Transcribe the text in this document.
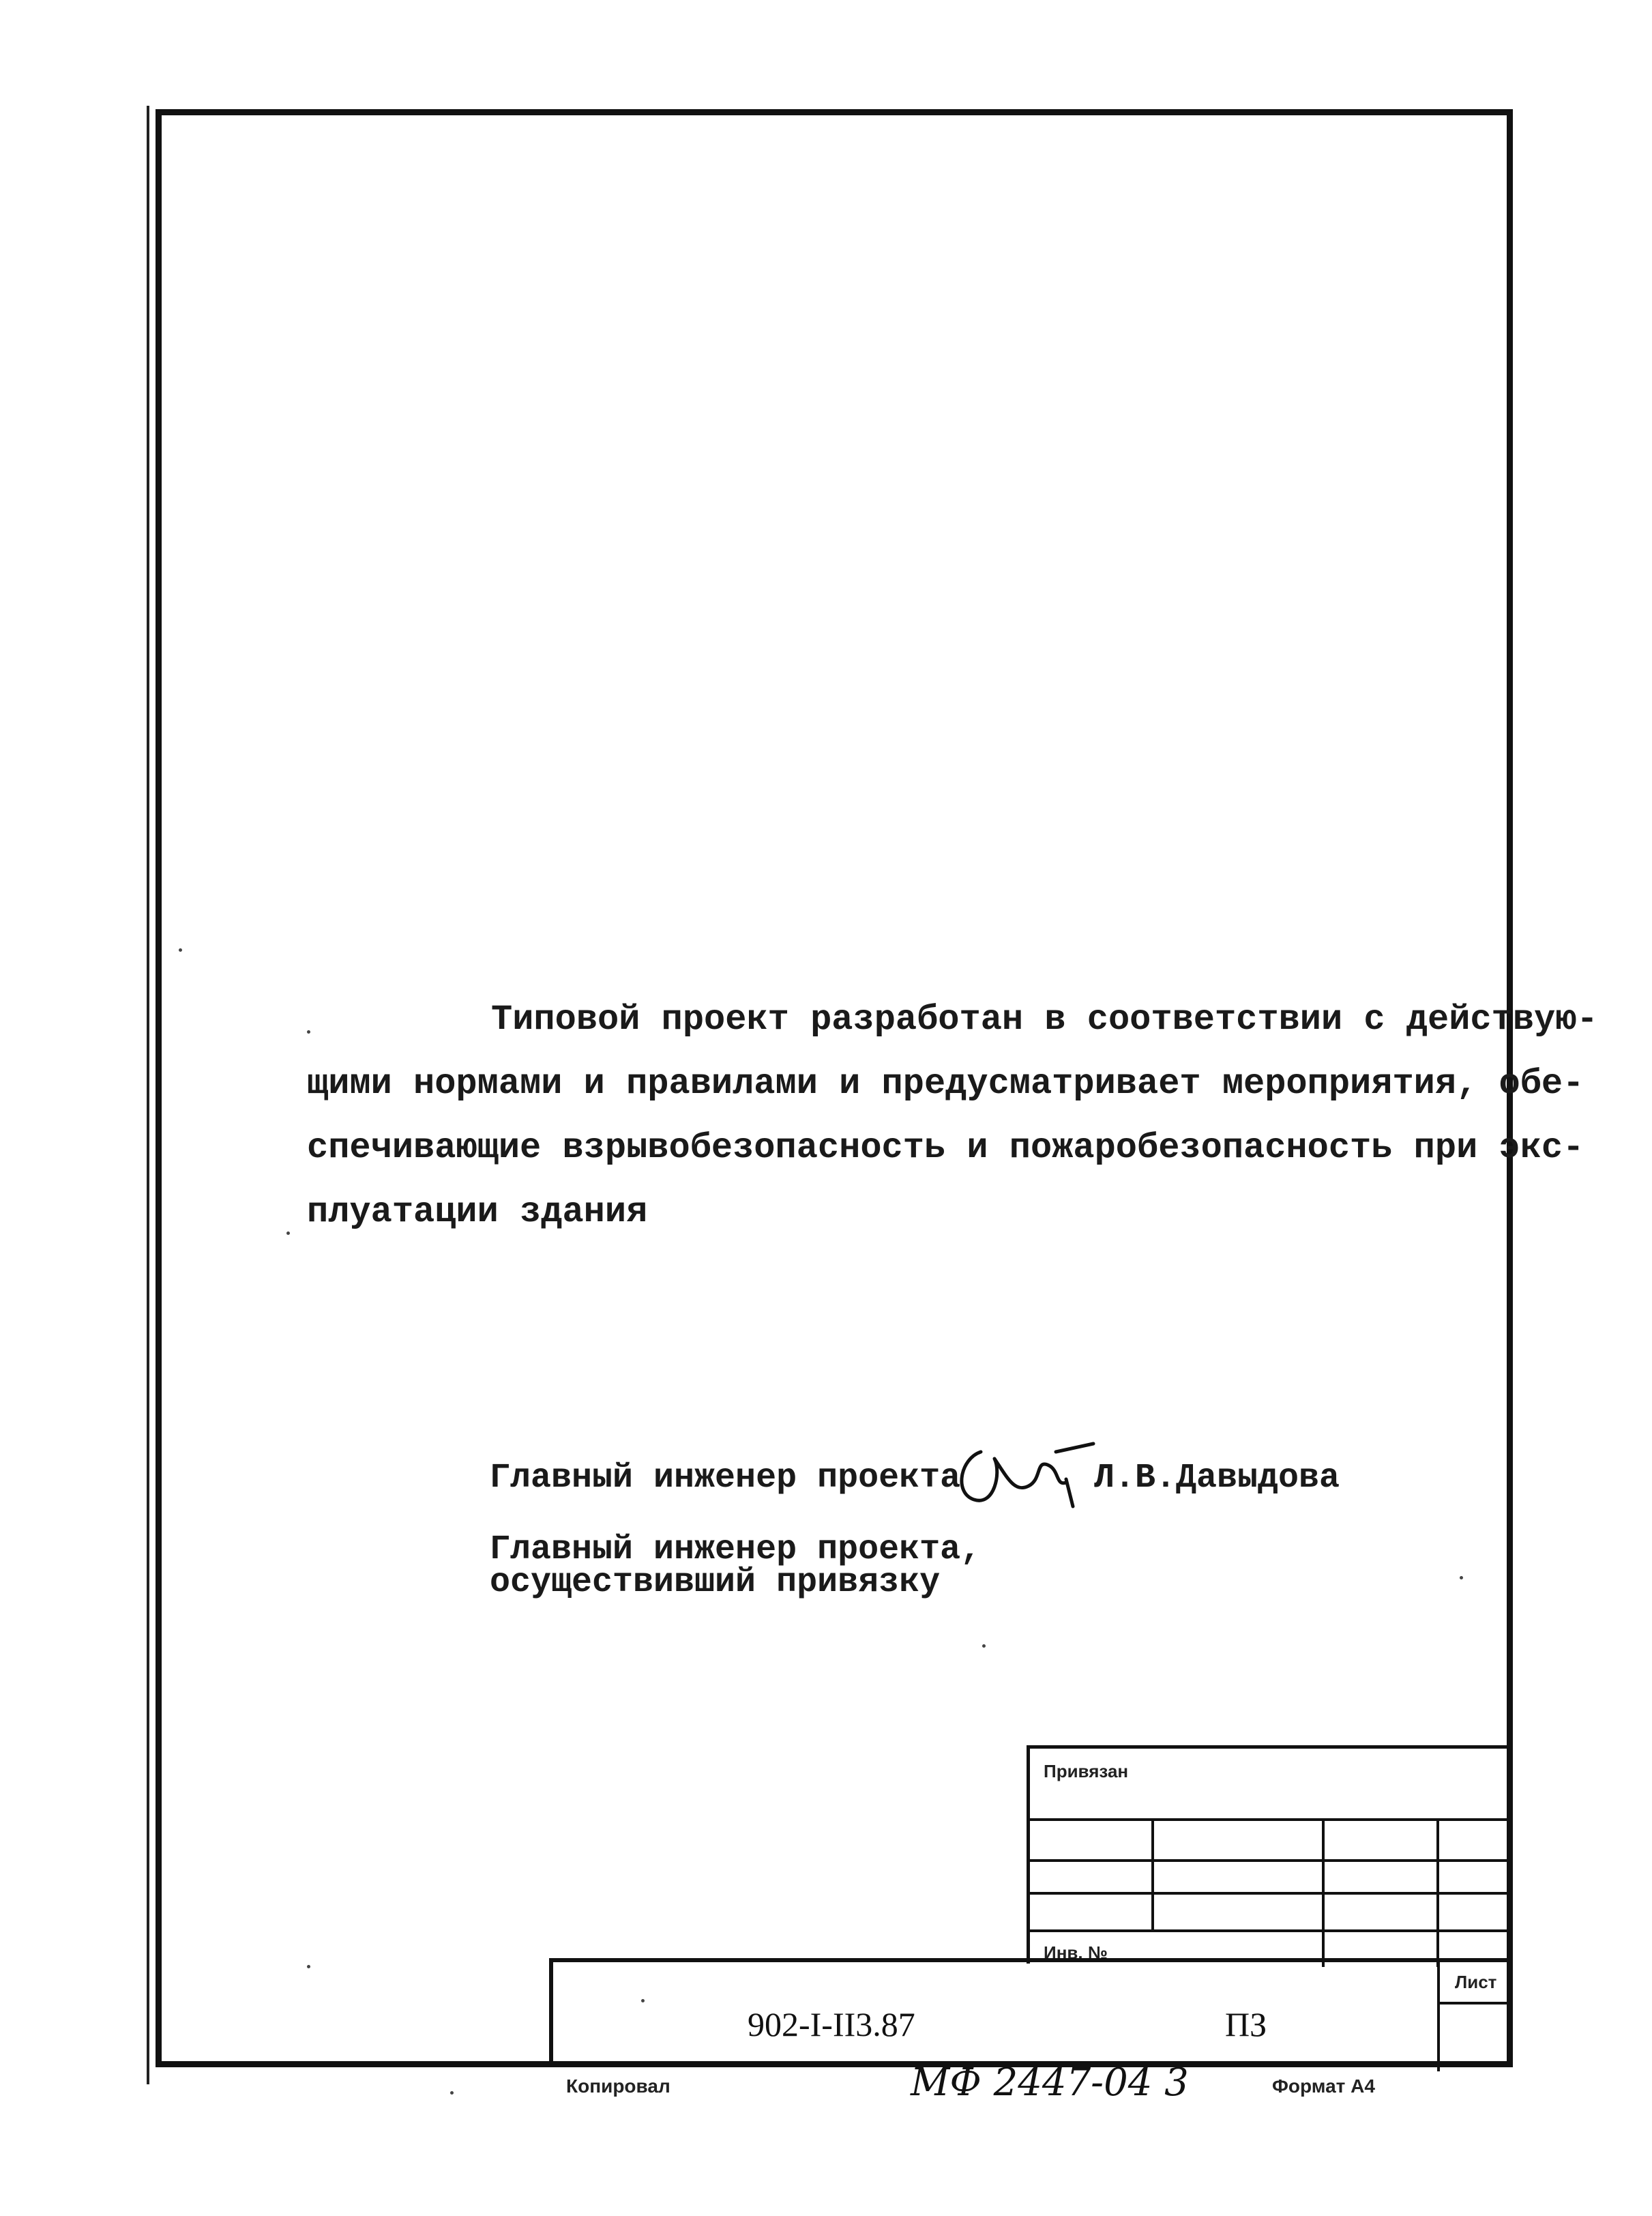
Типовой проект разработан в соответствии с действую-
щими нормами и правилами и предусматривает мероприятия, обе-
спечивающие взрывобезопасность и пожаробезопасность при экс-
плуатации здания
Главный инженер проекта	Л.В.Давыдова
Главный инженер проекта,
осуществивший привязку
Привязан
Инв. №
902-I-II3.87	ПЗ
Лист
Копировал	МФ 2447-04 3	Формат А4
